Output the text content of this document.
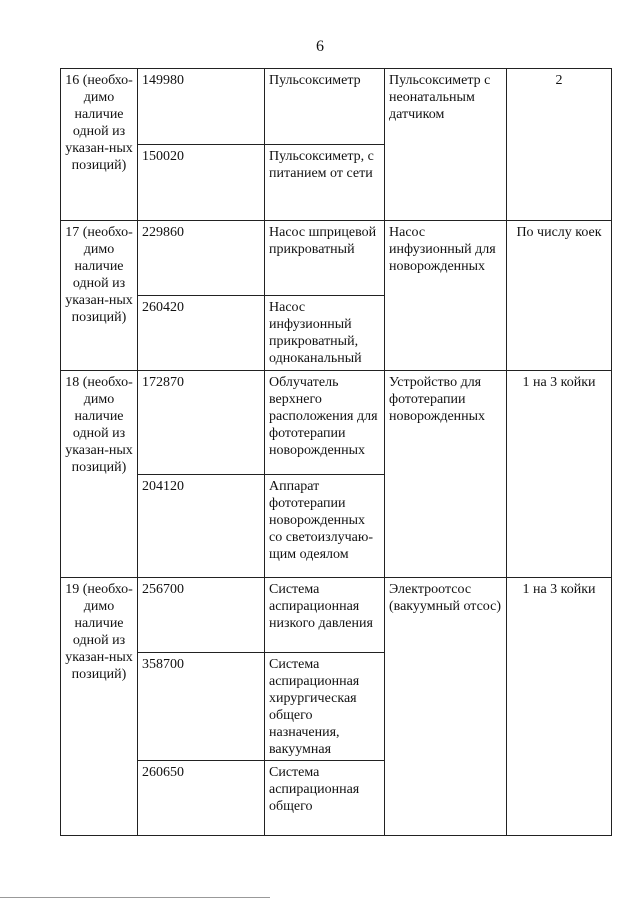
6
16 (необхо-димо наличие одной из указан-ных позиций)	149980	Пульсоксиметр	Пульсоксиметр с неонатальным датчиком	2
	150020	Пульсоксиметр, с питанием от сети		
17 (необхо-димо наличие одной из указан-ных позиций)	229860	Насос шприцевой прикроватный	Насос инфузионный для новорожденных	По числу коек
	260420	Насос инфузионный прикроватный, одноканальный		
18 (необхо-димо наличие одной из указан-ных позиций)	172870	Облучатель верхнего расположения для фототерапии новорожденных	Устройство для фототерапии новорожденных	1 на 3 койки
	204120	Аппарат фототерапии новорожденных со светоизлучаю-щим одеялом		
19 (необхо-димо наличие одной из указан-ных позиций)	256700	Система аспирационная низкого давления	Электроотсос (вакуумный отсос)	1 на 3 койки
	358700	Система аспирационная хирургическая общего назначения, вакуумная		
	260650	Система аспирационная общего		
